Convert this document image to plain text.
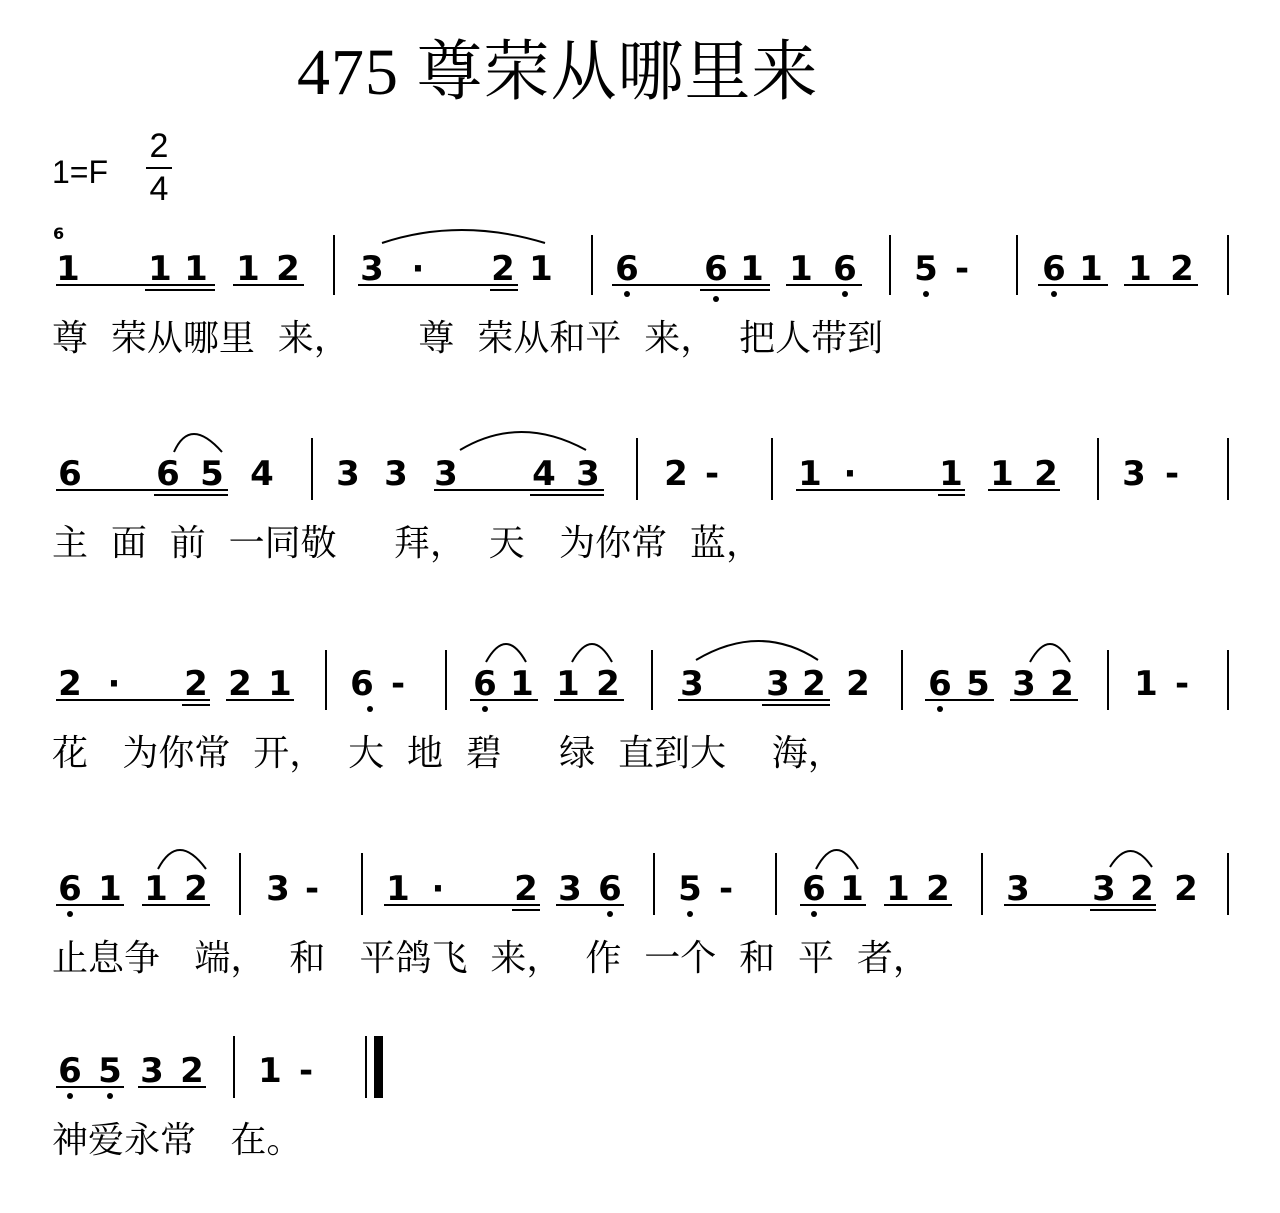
475 尊荣从哪里来
1=F
2
4
6
1 1 1 1 2 3 · 2 1 6 6 1 1 6 5 - 6 1 1 2
尊  荣从哪里  来，      尊  荣从和平  来，  把人带到
6 6 5 4 3 3 3 4 3 2 - 1 · 1 1 2 3 -
主  面  前  一同敬     拜，  天   为你常  蓝，
2 · 2 2 1 6 - 6 1 1 2 3 3 2 2 6 5 3 2 1 -
花   为你常  开，  大  地  碧     绿  直到大    海，
6 1 1 2 3 - 1 · 2 3 6 5 - 6 1 1 2 3 3 2 2
止息争   端，  和   平鸽飞  来，  作  一个  和  平  者，
6 5 3 2 1 -
神爱永常   在。
